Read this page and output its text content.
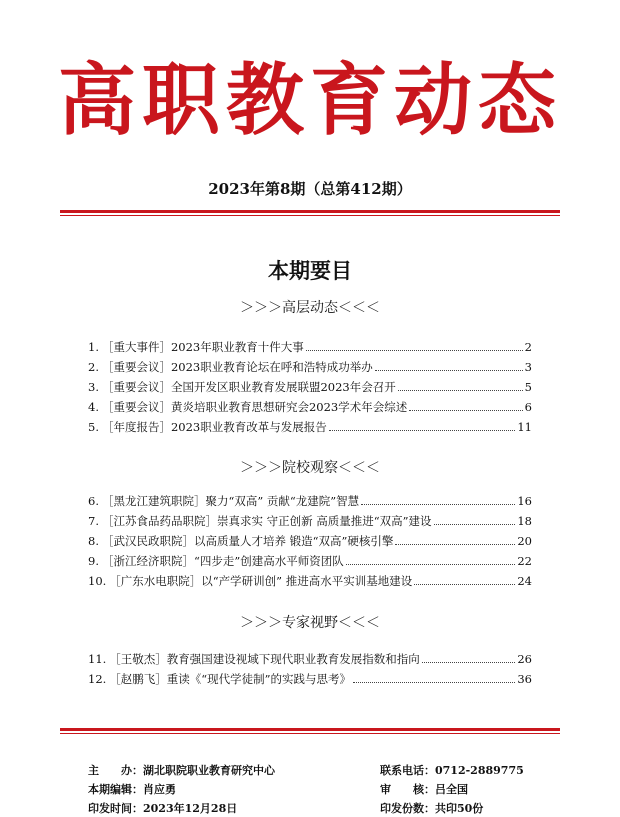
高职教育动态
2023年第8期（总第412期）
本期要目
＞＞＞高层动态＜＜＜
1. ［重大事件］2023年职业教育十件大事	2
2. ［重要会议］2023职业教育论坛在呼和浩特成功举办	3
3. ［重要会议］全国开发区职业教育发展联盟2023年会召开	5
4. ［重要会议］黄炎培职业教育思想研究会2023学术年会综述	6
5. ［年度报告］2023职业教育改革与发展报告	11
＞＞＞院校观察＜＜＜
6. ［黑龙江建筑职院］聚力“双高” 贡献“龙建院”智慧	16
7. ［江苏食品药品职院］崇真求实 守正创新 高质量推进“双高”建设	18
8. ［武汉民政职院］以高质量人才培养 锻造“双高”硬核引擎	20
9. ［浙江经济职院］“四步走”创建高水平师资团队	22
10. ［广东水电职院］以“产学研训创” 推进高水平实训基地建设	24
＞＞＞专家视野＜＜＜
11. ［王敬杰］教育强国建设视域下现代职业教育发展指数和指向	26
12. ［赵鹏飞］重读《“现代学徒制”的实践与思考》	36
主　　办：湖北职院职业教育研究中心	联系电话：0712-2889775
本期编辑：肖应勇	审　　核：吕全国
印发时间：2023年12月28日	印发份数：共印50份
